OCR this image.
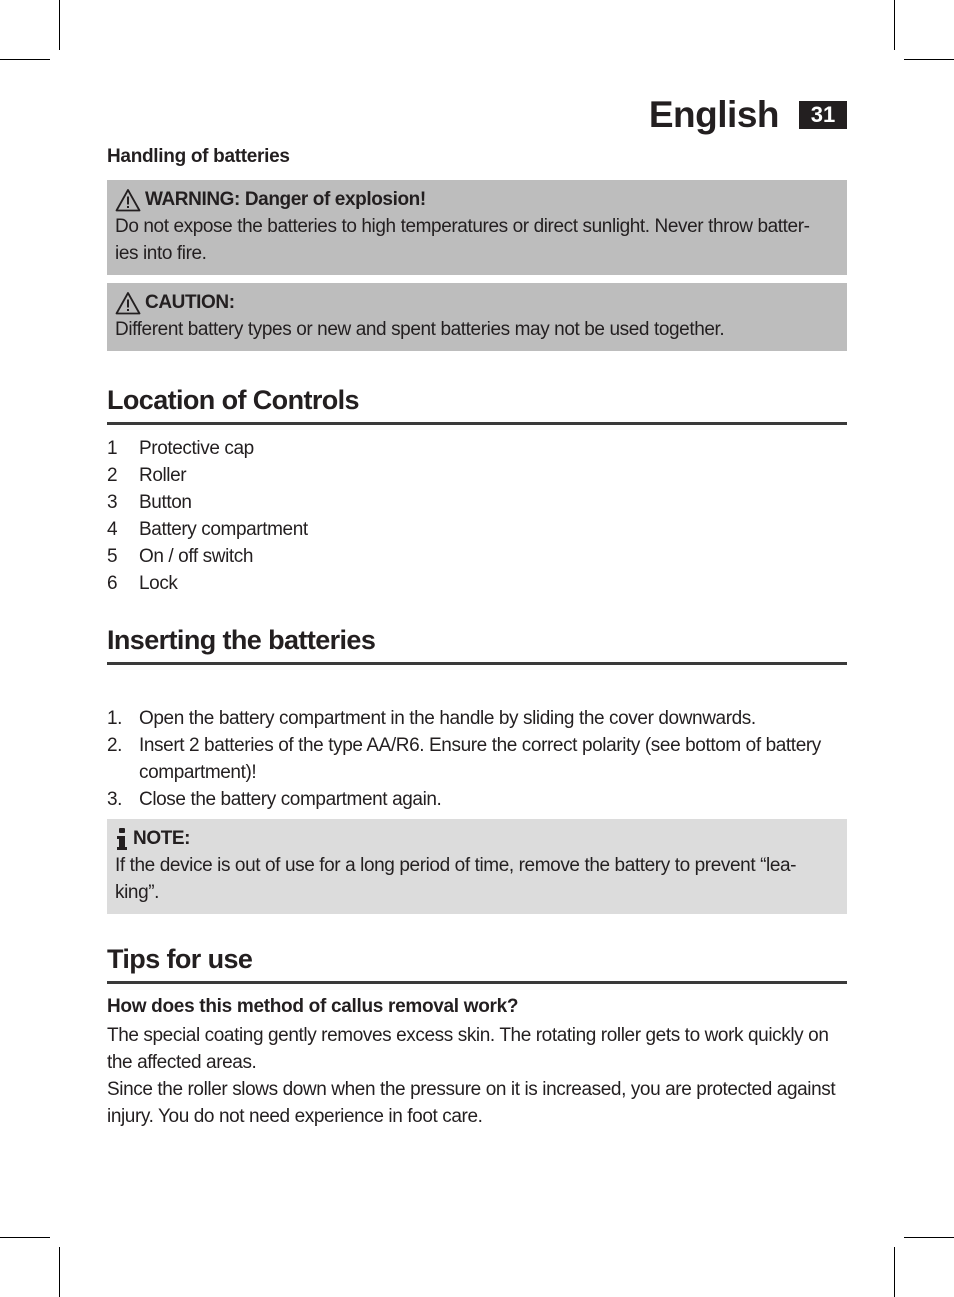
English	31

Handling of batteries

WARNING: Danger of explosion!
Do not expose the batteries to high temperatures or direct sunlight. Never throw batter-
ies into fire.
CAUTION:
Different battery types or new and spent batteries may not be used together.
Location of Controls
1	Protective cap
2	Roller
3	Button
4	Battery compartment
5	On / off switch
6	Lock
Inserting the batteries
1. Open the battery compartment in the handle by sliding the cover downwards.
2. Insert 2 batteries of the type AA/R6. Ensure the correct polarity (see bottom of battery
compartment)!
3. Close the battery compartment again.
NOTE:
If the device is out of use for a long period of time, remove the battery to prevent “lea-
king”.
Tips for use

How does this method of callus removal work?

The special coating gently removes excess skin. The rotating roller gets to work quickly on

the affected areas.

Since the roller slows down when the pressure on it is increased, you are protected against

injury. You do not need experience in foot care.
